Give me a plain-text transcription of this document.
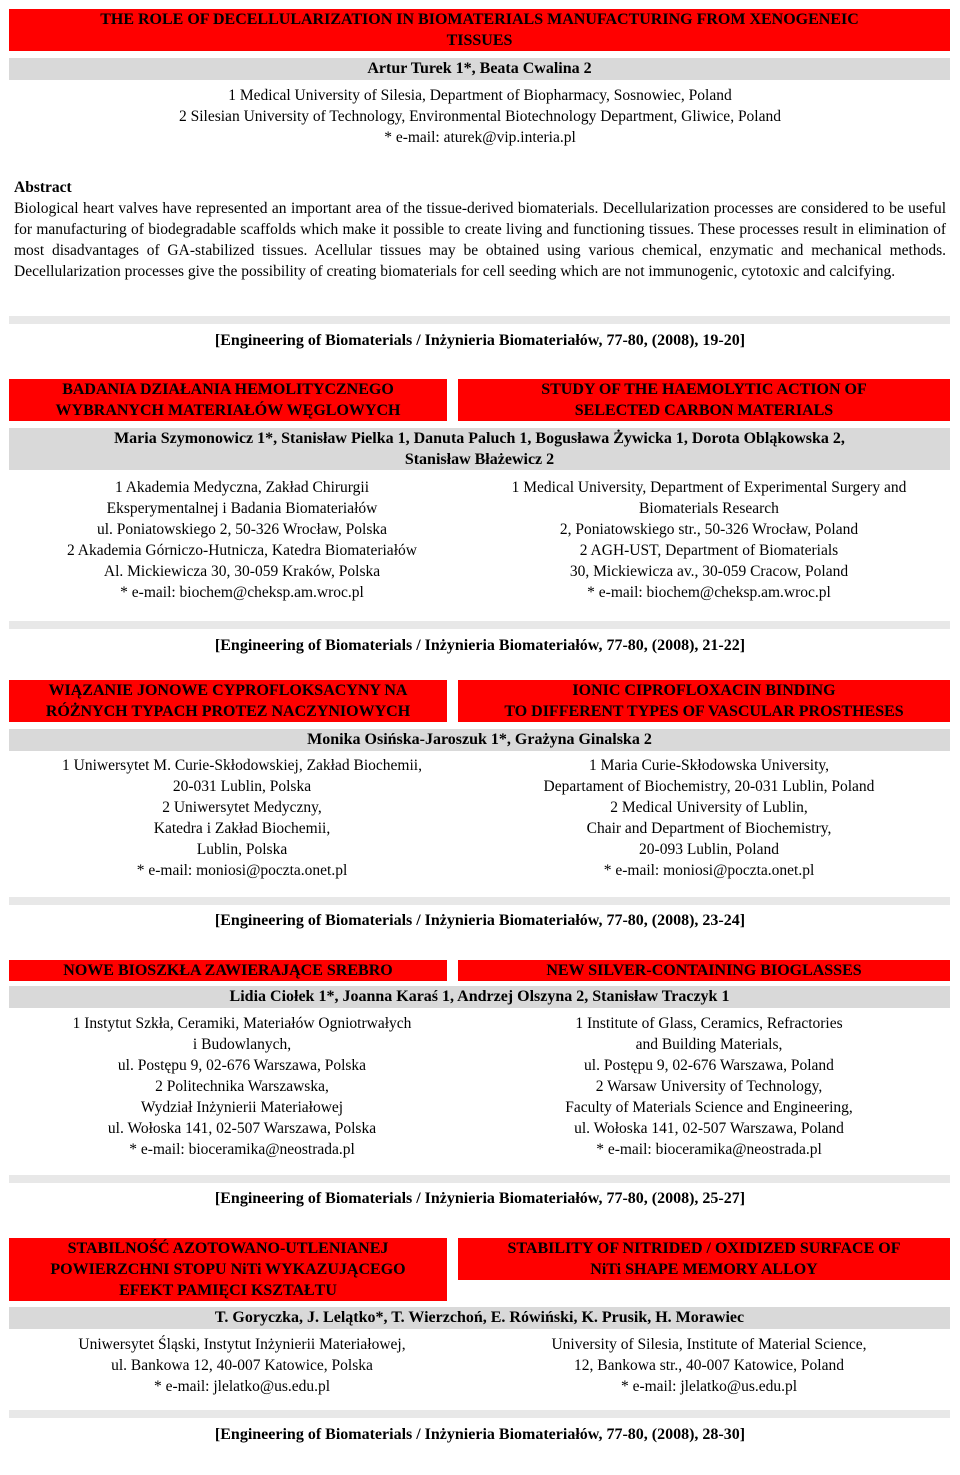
THE ROLE OF DECELLULARIZATION IN BIOMATERIALS MANUFACTURING FROM XENOGENEIC
TISSUES
Artur Turek 1*, Beata Cwalina 2
1 Medical University of Silesia, Department of Biopharmacy, Sosnowiec, Poland
2 Silesian University of Technology, Environmental Biotechnology Department, Gliwice, Poland
* e-mail: aturek@vip.interia.pl
Abstract
Biological heart valves have represented an important area of the tissue-derived biomaterials. Decellularization processes are considered to be useful for manufacturing of biodegradable scaffolds which make it possible to create living and functioning tissues. These processes result in elimination of most disadvantages of GA-stabilized tissues. Acellular tissues may be obtained using various chemical, enzymatic and mechanical methods. Decellularization processes give the possibility of creating biomaterials for cell seeding which are not immunogenic, cytotoxic and calcifying.
[Engineering of Biomaterials / Inżynieria Biomateriałów, 77-80, (2008), 19-20]
BADANIA DZIAŁANIA HEMOLITYCZNEGO
WYBRANYCH MATERIAŁÓW WĘGLOWYCH
STUDY OF THE HAEMOLYTIC ACTION OF
SELECTED CARBON MATERIALS
Maria Szymonowicz 1*, Stanisław Pielka 1, Danuta Paluch 1, Bogusława Żywicka 1, Dorota Obląkowska 2,
Stanisław Błażewicz 2
1 Akademia Medyczna, Zakład Chirurgii
Eksperymentalnej i Badania Biomateriałów
ul. Poniatowskiego 2, 50-326 Wrocław, Polska
2 Akademia Górniczo-Hutnicza, Katedra Biomateriałów
Al. Mickiewicza 30, 30-059 Kraków, Polska
* e-mail: biochem@cheksp.am.wroc.pl
1 Medical University, Department of Experimental Surgery and
Biomaterials Research
2, Poniatowskiego str., 50-326 Wrocław, Poland
2 AGH-UST, Department of Biomaterials
30, Mickiewicza av., 30-059 Cracow, Poland
* e-mail: biochem@cheksp.am.wroc.pl
[Engineering of Biomaterials / Inżynieria Biomateriałów, 77-80, (2008), 21-22]
WIĄZANIE JONOWE CYPROFLOKSACYNY NA
RÓŻNYCH TYPACH PROTEZ NACZYNIOWYCH
IONIC CIPROFLOXACIN BINDING
TO DIFFERENT TYPES OF VASCULAR PROSTHESES
Monika Osińska-Jaroszuk 1*, Grażyna Ginalska 2
1 Uniwersytet M. Curie-Skłodowskiej, Zakład Biochemii,
20-031 Lublin, Polska
2 Uniwersytet Medyczny,
Katedra i Zakład Biochemii,
Lublin, Polska
* e-mail: moniosi@poczta.onet.pl
1 Maria Curie-Skłodowska University,
Departament of Biochemistry, 20-031 Lublin, Poland
2 Medical University of Lublin,
Chair and Department of Biochemistry,
20-093 Lublin, Poland
* e-mail: moniosi@poczta.onet.pl
[Engineering of Biomaterials / Inżynieria Biomateriałów, 77-80, (2008), 23-24]
NOWE BIOSZKŁA ZAWIERAJĄCE SREBRO	NEW SILVER-CONTAINING BIOGLASSES
Lidia Ciołek 1*, Joanna Karaś 1, Andrzej Olszyna 2, Stanisław Traczyk 1
1 Instytut Szkła, Ceramiki, Materiałów Ogniotrwałych
i Budowlanych,
ul. Postępu 9, 02-676 Warszawa, Polska
2 Politechnika Warszawska,
Wydział Inżynierii Materiałowej
ul. Wołoska 141, 02-507 Warszawa, Polska
* e-mail: bioceramika@neostrada.pl
1 Institute of Glass, Ceramics, Refractories
and Building Materials,
ul. Postępu 9, 02-676 Warszawa, Poland
2 Warsaw University of Technology,
Faculty of Materials Science and Engineering,
ul. Wołoska 141, 02-507 Warszawa, Poland
* e-mail: bioceramika@neostrada.pl
[Engineering of Biomaterials / Inżynieria Biomateriałów, 77-80, (2008), 25-27]
STABILNOŚĆ AZOTOWANO-UTLENIANEJ
POWIERZCHNI STOPU NiTi WYKAZUJĄCEGO
EFEKT PAMIĘCI KSZTAŁTU
STABILITY OF NITRIDED / OXIDIZED SURFACE OF
NiTi SHAPE MEMORY ALLOY
T. Goryczka, J. Lelątko*, T. Wierzchoń, E. Rówiński, K. Prusik, H. Morawiec
Uniwersytet Śląski, Instytut Inżynierii Materiałowej,
ul. Bankowa 12, 40-007 Katowice, Polska
* e-mail: jlelatko@us.edu.pl
University of Silesia, Institute of Material Science,
12, Bankowa str., 40-007 Katowice, Poland
* e-mail: jlelatko@us.edu.pl
[Engineering of Biomaterials / Inżynieria Biomateriałów, 77-80, (2008), 28-30]
